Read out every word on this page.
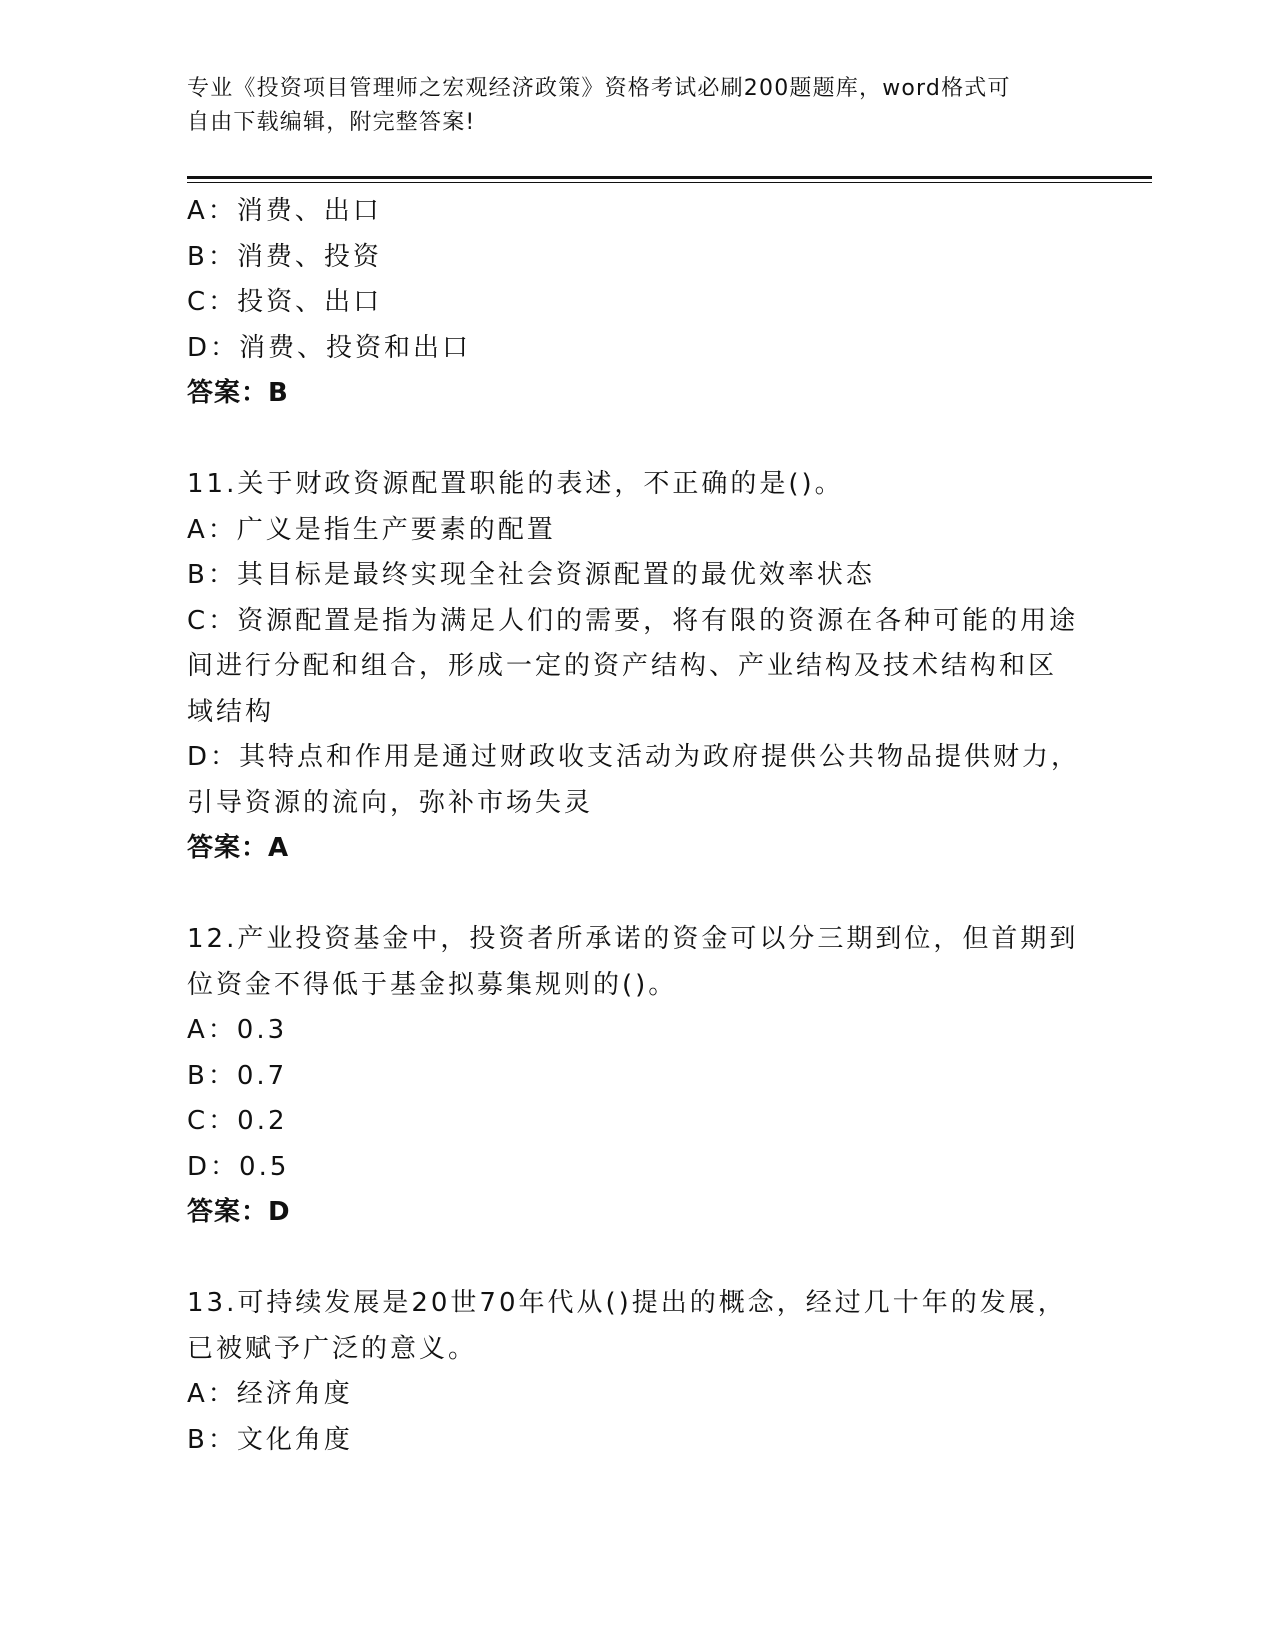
专业《投资项目管理师之宏观经济政策》资格考试必刷200题题库，word格式可
自由下载编辑，附完整答案!
A：消费、出口
B：消费、投资
C：投资、出口
D：消费、投资和出口
答案：B
11.关于财政资源配置职能的表述，不正确的是()。
A：广义是指生产要素的配置
B：其目标是最终实现全社会资源配置的最优效率状态
C：资源配置是指为满足人们的需要，将有限的资源在各种可能的用途
间进行分配和组合，形成一定的资产结构、产业结构及技术结构和区
域结构
D：其特点和作用是通过财政收支活动为政府提供公共物品提供财力，
引导资源的流向，弥补市场失灵
答案：A
12.产业投资基金中，投资者所承诺的资金可以分三期到位，但首期到
位资金不得低于基金拟募集规则的()。
A：0.3
B：0.7
C：0.2
D：0.5
答案：D
13.可持续发展是20世70年代从()提出的概念，经过几十年的发展，
已被赋予广泛的意义。
A：经济角度
B：文化角度
